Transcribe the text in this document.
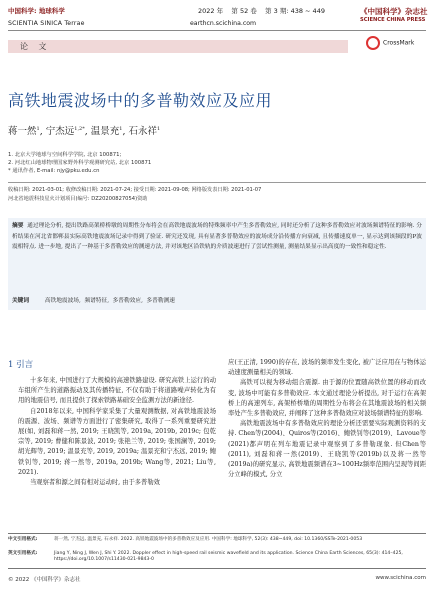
中国科学: 地球科学	2022 年 第 52 卷 第 3 期: 438 ~ 449
SCIENTIA SINICA Terrae	earthcn.scichina.com
《中国科学》杂志社
SCIENCE CHINA PRESS
论 文	CrossMark
高铁地震波场中的多普勒效应及应用
蒋一然$^1$, 宁杰远$^{1,2*}$, 温景充$^1$, 石永祥$^1$
1. 北京大学地球与空间科学学院, 北京 100871;
2. 河北红山地球物理国家野外科学观测研究站, 北京 100871
* 通讯作者, E-mail: njy@pku.edu.cn
收稿日期: 2021-03-01; 收修改稿日期: 2021-07-24; 接受日期: 2021-09-08; 网络版发表日期: 2021-01-07
河北省地震科技星火计划项目(编号: DZ20200827054)资助
摘要 通过理论分析, 提出铁路高架桥桥墩的周期性分布将会在高铁地震波场的特殊频率中产生多普勒效应, 同时还分析了这种多普勒效应对波场频谱特征的影响. 分析结果在河北省邯郸县实际高铁地震波场记录中得到了验证. 研究还发现, 具有显著多普勒效应的波场成分沿传播方向衰减, 且传播速度单一, 显示达到该频段的P波震相特点. 进一步地, 提出了一种基于多普勒效应的测速方法, 并对该地区沿铁轨的介质波速进行了尝试性测量, 测量结果显示出高度的一致性和稳定性.
关键词	高铁地震波场,  频谱特征,  多普勒效应,  多普勒测速
1 引言
十多年来, 中国进行了大规模的高速铁路建设. 研究高铁上运行的动车组所产生的道路振动及其传播特征, 不仅有助于将道路噪声转化为有用的地震信号, 而且提供了探索铁路基础安全监测方法的新途径.
自2018年以来, 中国科学家采集了大量观测数据, 对高铁地震波场的震源、波场、频谱等方面进行了密集研究, 取得了一系列重要研究进展(如, 刘磊和蒋一然, 2019; 王晓凯等, 2019a, 2019b, 2019c; 包乾宗等, 2019; 曹健和陈景波, 2019; 张艳兰等, 2019; 张国澜等, 2019; 胡光辉等, 2019; 温景充等, 2019, 2019a; 温景充和宁杰远, 2019; 鲍铁钊等, 2019; 蒋一然等, 2019a, 2019b; Wang等, 2021; Liu等, 2021).
当观察者和源之间有相对运动时, 由于多普勒效
应(王正清, 1990)的存在, 波场的频率发生变化, 被广泛应用在与物体运动速度测量相关的领域.
高铁可以视为移动组合震源. 由于源的位置随高铁位置的移动而改变, 波场中可能有多普勒效应. 本文通过理论分析提出, 对于运行在高架桥上的高速列车, 高架桥桥墩的周期性分布将会在其地震波场的相关频率处产生多普勒效应, 并阐释了这种多普勒效应对波场频谱特征的影响.
高铁地震波场中有多普勒效应的理论分析还需要实际观测资料的支持. Chen等(2004)、Quiros等(2016)、鲍铁钊等(2019)、Lavoue等(2021)都声明在列车地震记录中观察到了多普勒现象. 但Chen等(2011), 刘磊和蒋一然(2019)、王晓凯等(2019b)以及蒋一然等(2019a)的研究显示, 高铁地震频谱在3~100Hz频率范围内呈现等间距分立峰的模式, 分立
中文引用格式:	蒋一然, 宁杰远, 温景充, 石永祥. 2022. 高铁地震波场中的多普勒效应及应用. 中国科学: 地球科学, 52(3): 438~449, doi: 10.1360/SSTe-2021-0053
英文引用格式:	Jiang Y, Ning J, Wen J, Shi Y. 2022. Doppler effect in high-speed rail seismic wavefield and its application. Science China Earth Sciences, 65(3): 414–425, https://doi.org/10.1007/s11430-021-9843-0
© 2022 《中国科学》杂志社	www.scichina.com
